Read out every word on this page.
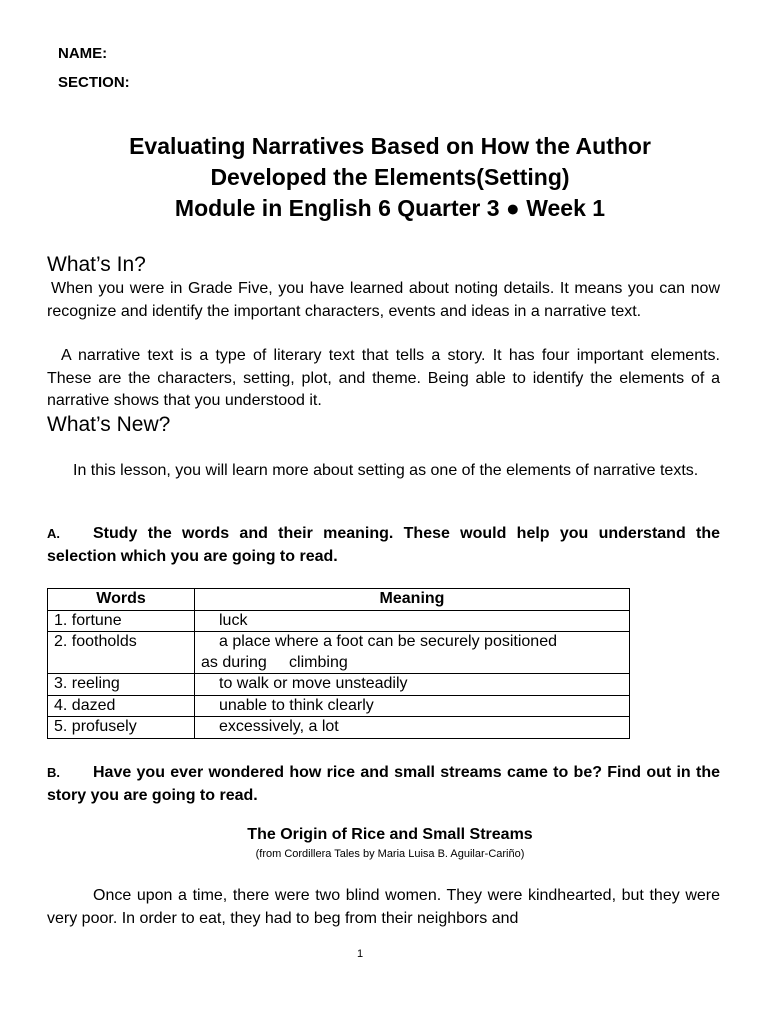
NAME:
SECTION:
Evaluating Narratives Based on How the Author
Developed the Elements(Setting)
Module in English 6 Quarter 3 ● Week 1
What’s In?
When you were in Grade Five, you have learned about noting details. It means you can now recognize and identify the important characters, events and ideas in a narrative text.
A narrative text is a type of literary text that tells a story. It has four important elements. These are the characters, setting, plot, and theme. Being able to identify the elements of a narrative shows that you understood it.
What’s New?
In this lesson, you will learn more about setting as one of the elements of narrative texts.
A. Study the words and their meaning. These would help you understand the selection which you are going to read.
Words	Meaning
1. fortune	luck
2. footholds	a place where a foot can be securely positioned
as during     climbing

3. reeling	to walk or move unsteadily
4. dazed	unable to think clearly
5. profusely	excessively, a lot
B. Have you ever wondered how rice and small streams came to be? Find out in the story you are going to read.
The Origin of Rice and Small Streams
(from Cordillera Tales by Maria Luisa B. Aguilar-Cariño)
Once upon a time, there were two blind women. They were kindhearted, but they were very poor. In order to eat, they had to beg from their neighbors and
1
